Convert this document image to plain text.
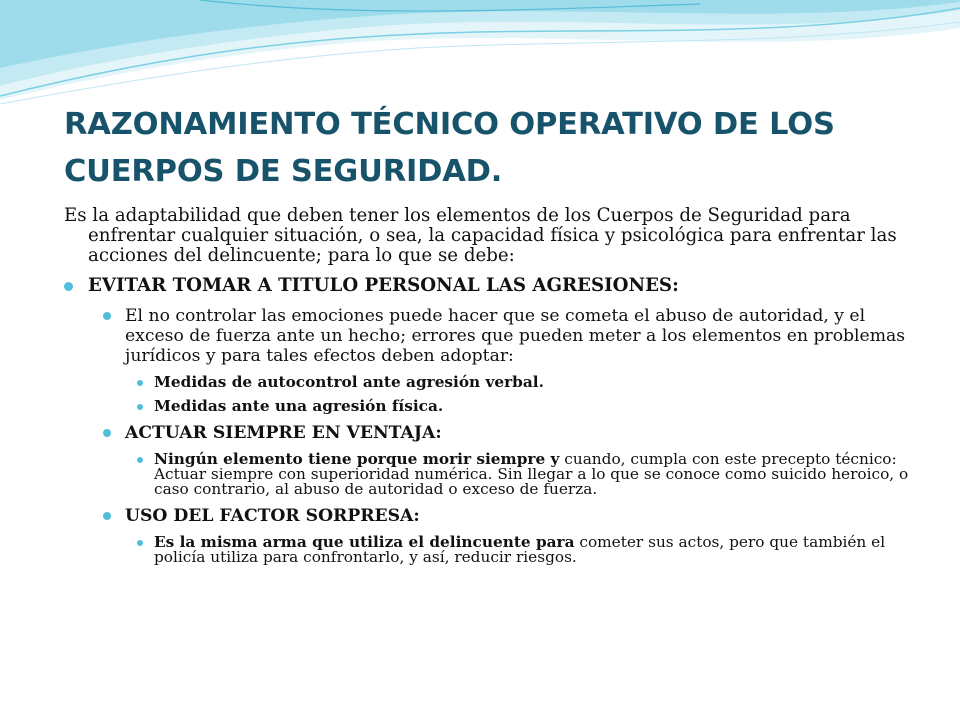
RAZONAMIENTO TÉCNICO OPERATIVO DE LOS
CUERPOS DE SEGURIDAD.
Es la adaptabilidad que deben tener los elementos de los Cuerpos de Seguridad para enfrentar cualquier situación, o sea, la capacidad física y psicológica para enfrentar las acciones del delincuente; para lo que se debe:
EVITAR TOMAR A TITULO PERSONAL LAS AGRESIONES:
El no controlar las emociones puede hacer que se cometa el abuso de autoridad, y el exceso de fuerza ante un hecho; errores que pueden meter a los elementos en problemas jurídicos y para tales efectos deben adoptar:
Medidas de autocontrol ante agresión verbal.
Medidas ante una agresión física.
ACTUAR SIEMPRE EN VENTAJA:
Ningún elemento tiene porque morir siempre y cuando, cumpla con este precepto técnico: Actuar siempre con superioridad numérica. Sin llegar a lo que se conoce como suicido heroico, o caso contrario, al abuso de autoridad o exceso de fuerza.
USO DEL FACTOR SORPRESA:
Es la misma arma que utiliza el delincuente para cometer sus actos, pero que también el policía utiliza para confrontarlo, y así, reducir riesgos.
